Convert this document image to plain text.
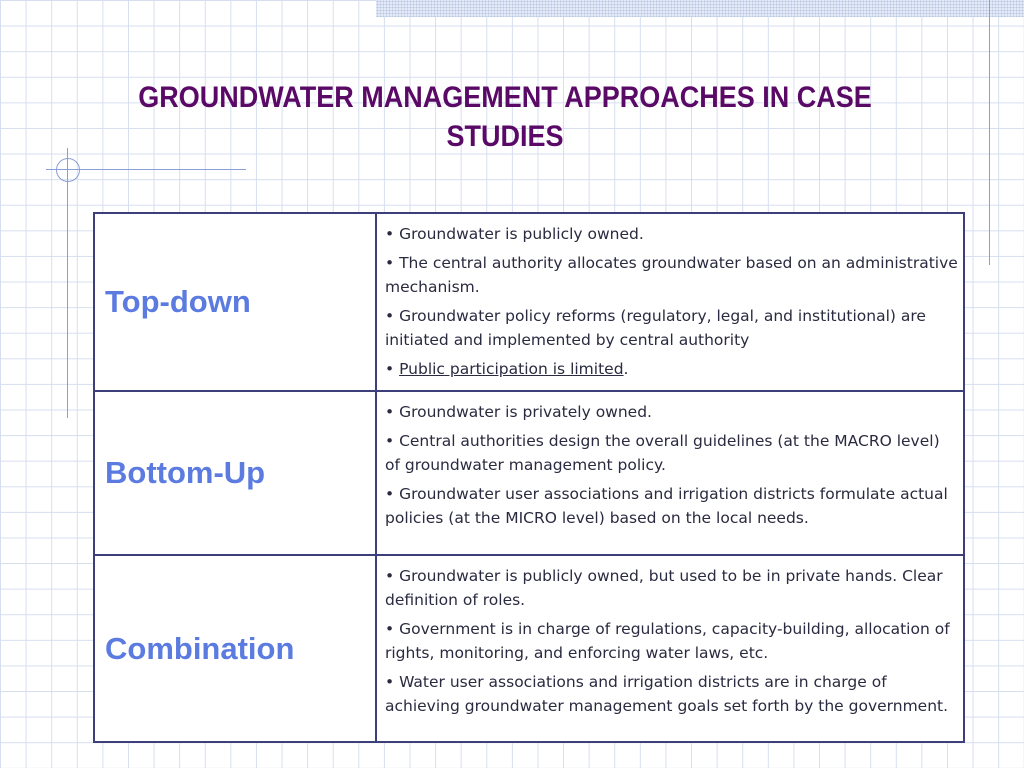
GROUNDWATER MANAGEMENT APPROACHES IN CASE STUDIES
Top-down	• Groundwater is publicly owned.

• The central authority allocates groundwater based on an administrative mechanism.

• Groundwater policy reforms (regulatory, legal, and institutional) are initiated and implemented by central authority

• Public participation is limited.

Bottom-Up	• Groundwater is privately owned.

• Central authorities design the overall guidelines (at the MACRO level) of groundwater management policy.

• Groundwater user associations and irrigation districts formulate actual policies (at the MICRO level) based on the local needs.

Combination	• Groundwater is publicly owned, but used to be in private hands. Clear definition of roles.

• Government is in charge of regulations, capacity-building, allocation of rights, monitoring, and enforcing water laws, etc.

• Water user associations and irrigation districts are in charge of achieving groundwater management goals set forth by the government.
